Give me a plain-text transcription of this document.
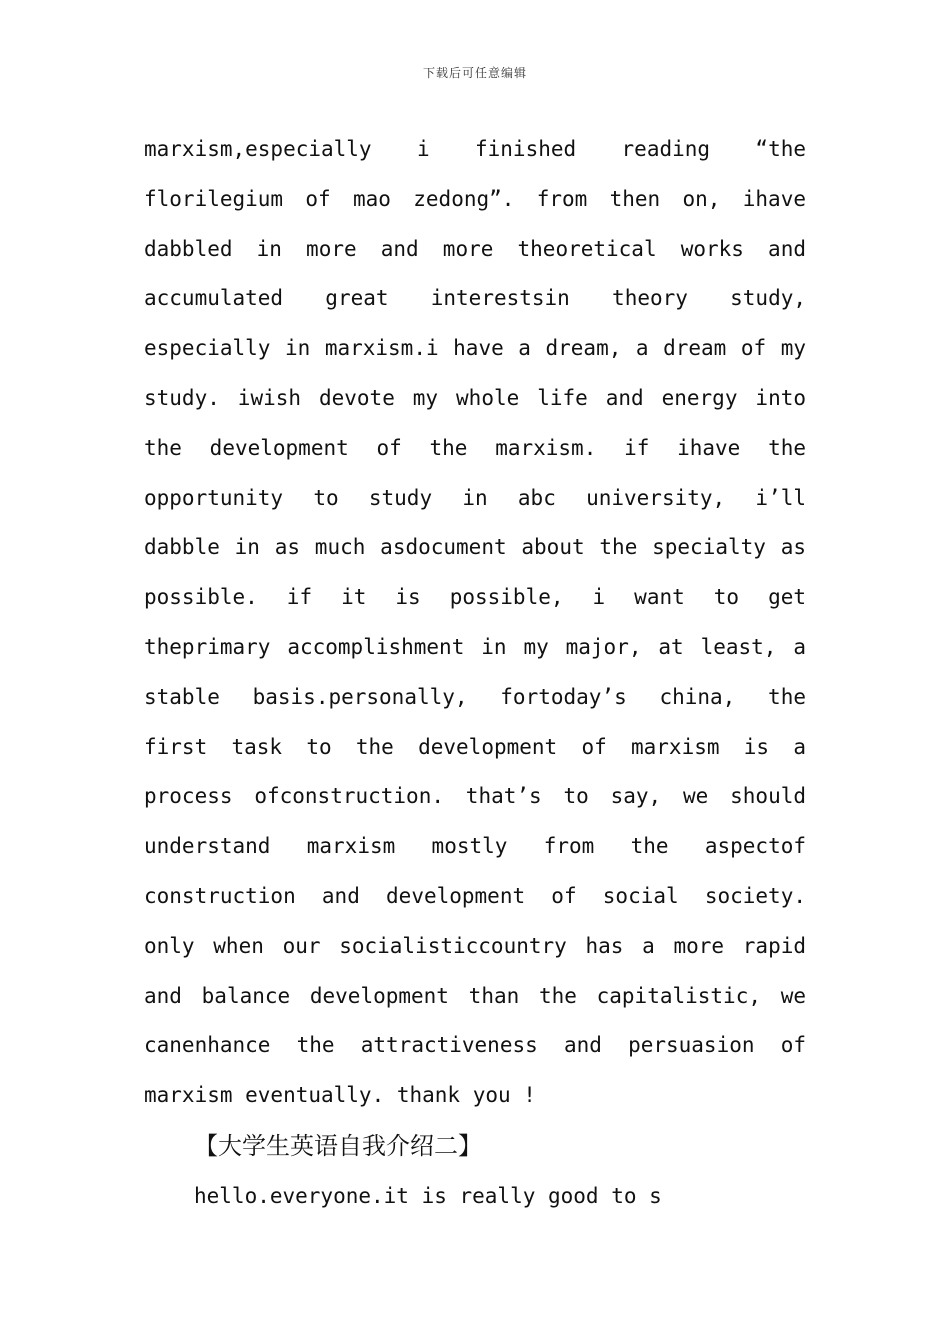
下载后可任意编辑
marxism,especially i finished reading “the
florilegium of mao zedong”. from then on, ihave
dabbled in more and more theoretical works and
accumulated great interestsin theory study,
especially in marxism.i have a dream, a dream of my
study. iwish devote my whole life and energy into
the development of the marxism. if ihave the
opportunity to study in abc university, i’ll
dabble in as much asdocument about the specialty as
possible. if it is possible, i want to get
theprimary accomplishment in my major, at least, a
stable basis.personally, fortoday’s china, the
first task to the development of marxism is a
process ofconstruction. that’s to say, we should
understand marxism mostly from the aspectof
construction and development of social society.
only when our socialisticcountry has a more rapid
and balance development than the capitalistic, we
canenhance the attractiveness and persuasion of
marxism eventually. thank you !
【大学生英语自我介绍二】
hello.everyone.it is really good to s
